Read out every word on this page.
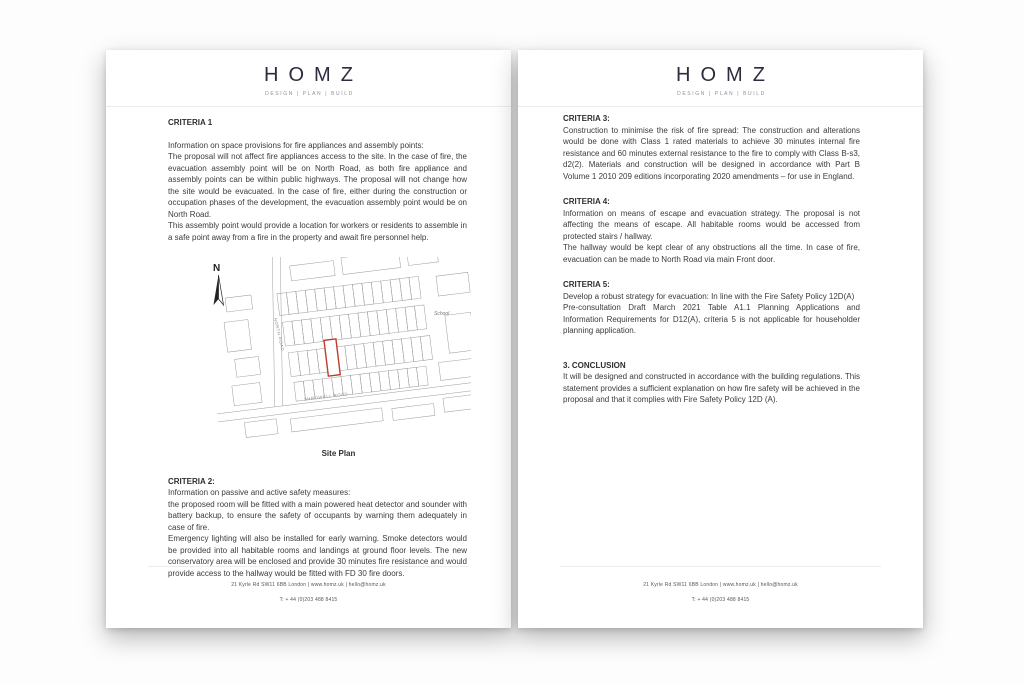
HOMZ
DESIGN | PLAN | BUILD

CRITERIA 1

Information on space provisions for fire appliances and assembly points:

The proposal will not affect fire appliances access to the site. In the case of fire, the evacuation assembly point will be on North Road, as both fire appliance and assembly points can be within public highways. The proposal will not change how the site would be evacuated. In the case of fire, either during the construction or occupation phases of the development, the evacuation assembly point would be on North Road.

This assembly point would provide a location for workers or residents to assemble in a safe point away from a fire in the property and await fire personnel help.

N
NORTH ROAD
SHROWELL ROAD
School
Site Plan

CRITERIA 2:

Information on passive and active safety measures:

the proposed room will be fitted with a main powered heat detector and sounder with battery backup, to ensure the safety of occupants by warning them adequately in case of fire.

Emergency lighting will also be installed for early warning. Smoke detectors would be provided into all habitable rooms and landings at ground floor levels. The new conservatory area will be enclosed and provide 30 minutes fire resistance and would provide access to the hallway would be fitted with FD 30 fire doors.

21 Kyrle Rd SW11 6BB London | www.homz.uk | hello@homz.uk

T: + 44 (0)203 488 8415

HOMZ
DESIGN | PLAN | BUILD

CRITERIA 3:

Construction to minimise the risk of fire spread: The construction and alterations would be done with Class 1 rated materials to achieve 30 minutes internal fire resistance and 60 minutes external resistance to the fire to comply with Class B-s3, d2(2). Materials and construction will be designed in accordance with Part B Volume 1 2010 209 editions incorporating 2020 amendments – for use in England.

CRITERIA 4:

Information on means of escape and evacuation strategy. The proposal is not affecting the means of escape. All habitable rooms would be accessed from protected stairs / hallway.

The hallway would be kept clear of any obstructions all the time. In case of fire, evacuation can be made to North Road via main Front door.

CRITERIA 5:

Develop a robust strategy for evacuation: In line with the Fire Safety Policy 12D(A)

Pre-consultation Draft March 2021 Table A1.1 Planning Applications and Information Requirements for D12(A), criteria 5 is not applicable for householder planning application.

3. CONCLUSION

It will be designed and constructed in accordance with the building regulations. This statement provides a sufficient explanation on how fire safety will be achieved in the proposal and that it complies with Fire Safety Policy 12D (A).

21 Kyrle Rd SW11 6BB London | www.homz.uk | hello@homz.uk

T: + 44 (0)203 488 8415
